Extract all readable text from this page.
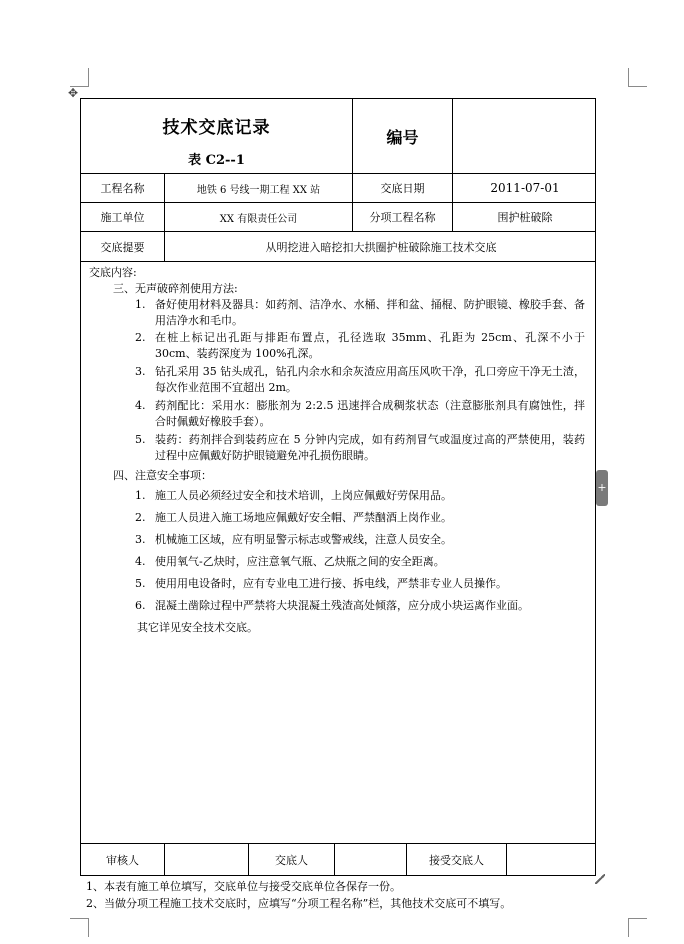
✥
+
技术交底记录
表 C2--1
编号
工程名称	地铁 6 号线一期工程 XX 站	交底日期	2011-07-01
施工单位	XX 有限责任公司	分项工程名称	围护桩破除
交底提要	从明挖进入暗挖扣大拱圈护桩破除施工技术交底
交底内容:
三、无声破碎剂使用方法:
1. 备好使用材料及器具：如药剂、洁净水、水桶、拌和盆、捅棍、防护眼镜、橡胶手套、备用洁净水和毛巾。
2. 在桩上标记出孔距与排距布置点，孔径选取 35mm、孔距为 25cm、孔深不小于 30cm、装药深度为 100%孔深。
3. 钻孔采用 35 钻头成孔，钻孔内余水和余灰渣应用高压风吹干净，孔口旁应干净无土渣，每次作业范围不宜超出 2m。
4. 药剂配比：采用水：膨胀剂为 2:2.5 迅速拌合成稠浆状态（注意膨胀剂具有腐蚀性，拌合时佩戴好橡胶手套）。
5. 装药：药剂拌合到装药应在 5 分钟内完成，如有药剂冒气或温度过高的严禁使用，装药过程中应佩戴好防护眼镜避免冲孔损伤眼睛。
四、注意安全事项：
1. 施工人员必须经过安全和技术培训，上岗应佩戴好劳保用品。
2. 施工人员进入施工场地应佩戴好安全帽、严禁酗酒上岗作业。
3. 机械施工区域，应有明显警示标志或警戒线，注意人员安全。
4. 使用氧气-乙炔时，应注意氧气瓶、乙炔瓶之间的安全距离。
5. 使用用电设备时，应有专业电工进行接、拆电线，严禁非专业人员操作。
6. 混凝土凿除过程中严禁将大块混凝土残渣高处倾落，应分成小块运离作业面。
其它详见安全技术交底。
审核人	交底人	接受交底人
1、本表有施工单位填写，交底单位与接受交底单位各保存一份。
2、当做分项工程施工技术交底时，应填写“分项工程名称”栏，其他技术交底可不填写。
